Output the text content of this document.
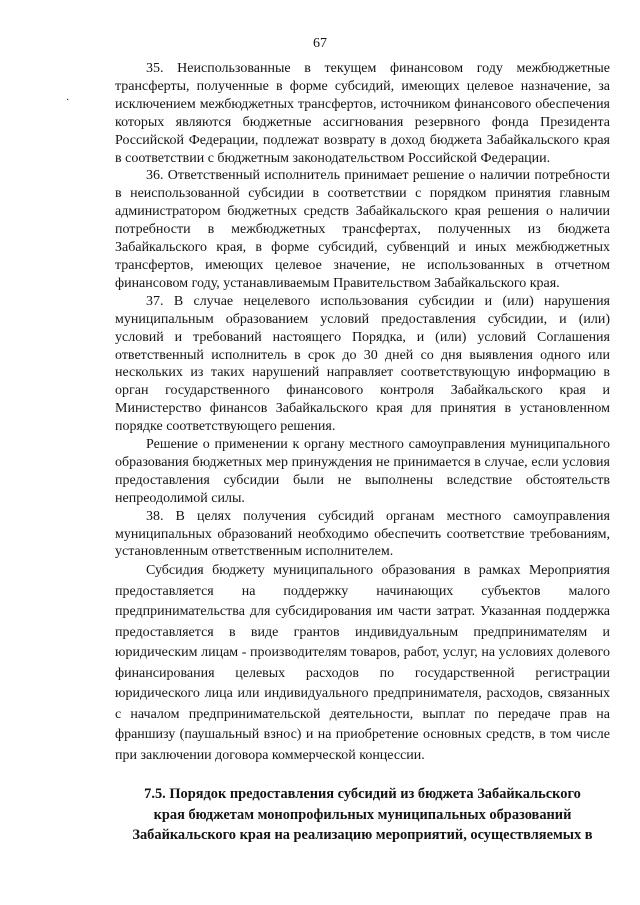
67
·

35. Неиспользованные в текущем финансовом году межбюджетные трансферты, полученные в форме субсидий, имеющих целевое назначение, за исключением межбюджетных трансфертов, источником финансового обеспечения которых являются бюджетные ассигнования резервного фонда Президента Российской Федерации, подлежат возврату в доход бюджета Забайкальского края в соответствии с бюджетным законодательством Российской Федерации.

36. Ответственный исполнитель принимает решение о наличии потребности в неиспользованной субсидии в соответствии с порядком принятия главным администратором бюджетных средств Забайкальского края решения о наличии потребности в межбюджетных трансфертах, полученных из бюджета Забайкальского края, в форме субсидий, субвенций и иных межбюджетных трансфертов, имеющих целевое значение, не использованных в отчетном финансовом году, устанавливаемым Правительством Забайкальского края.

37. В случае нецелевого использования субсидии и (или) нарушения муниципальным образованием условий предоставления субсидии, и (или) условий и требований настоящего Порядка, и (или) условий Соглашения ответственный исполнитель в срок до 30 дней со дня выявления одного или нескольких из таких нарушений направляет соответствующую информацию в орган государственного финансового контроля Забайкальского края и Министерство финансов Забайкальского края для принятия в установленном порядке соответствующего решения.

Решение о применении к органу местного самоуправления муниципального образования бюджетных мер принуждения не принимается в случае, если условия предоставления субсидии были не выполнены вследствие обстоятельств непреодолимой силы.

38. В целях получения субсидий органам местного самоуправления муниципальных образований необходимо обеспечить соответствие требованиям, установленным ответственным исполнителем.

Субсидия бюджету муниципального образования в рамках Мероприятия предоставляется на поддержку начинающих субъектов малого предпринимательства для субсидирования им части затрат. Указанная поддержка предоставляется в виде грантов индивидуальным предпринимателям и юридическим лицам - производителям товаров, работ, услуг, на условиях долевого финансирования целевых расходов по государственной регистрации юридического лица или индивидуального предпринимателя, расходов, связанных с началом предпринимательской деятельности, выплат по передаче прав на франшизу (паушальный взнос) и на приобретение основных средств, в том числе при заключении договора коммерческой концессии.

7.5. Порядок предоставления субсидий из бюджета Забайкальского
края бюджетам монопрофильных муниципальных образований
Забайкальского края на реализацию мероприятий, осуществляемых в
